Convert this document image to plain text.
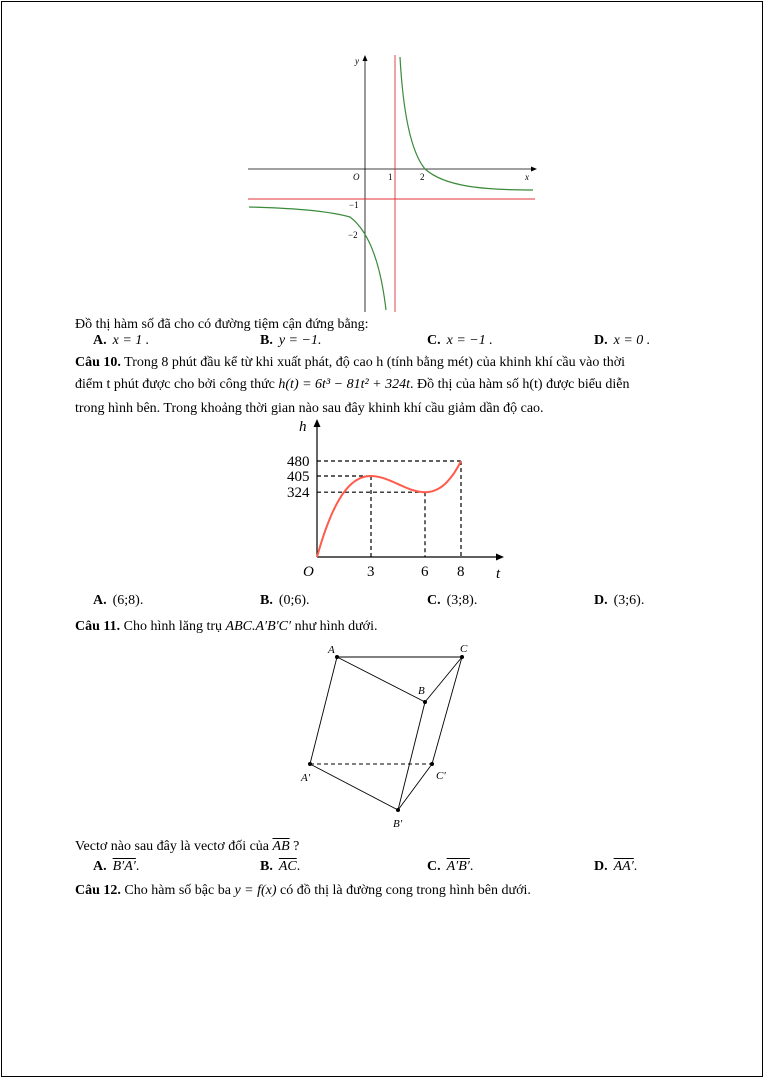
y
x
O	1	2
−1
−2
Đồ thị hàm số đã cho có đường tiệm cận đứng bằng:
A. x = 1 .	B. y = −1.	C. x = −1 .	D. x = 0 .
Câu 10. Trong 8 phút đầu kể từ khi xuất phát, độ cao h (tính bằng mét) của khinh khí cầu vào thời
điểm t phút được cho bởi công thức h(t) = 6t³ − 81t² + 324t. Đồ thị của hàm số h(t) được biểu diễn
trong hình bên. Trong khoảng thời gian nào sau đây khinh khí cầu giảm dần độ cao.
3	6 8
324
405
480
O	t
h
A. (6;8).	B. (0;6).	C. (3;8).	D. (3;6).
Câu 11. Cho hình lăng trụ ABC.A′B′C′ như hình dưới.
A	C
B
A′	C′
B′
Vectơ nào sau đây là vectơ đối của $\overline{AB}$ ?
A. B′A′.	B. $\overline{AC}$.	C. A′B′.	D. AA′.
Câu 12. Cho hàm số bậc ba y = f(x) có đồ thị là đường cong trong hình bên dưới.
